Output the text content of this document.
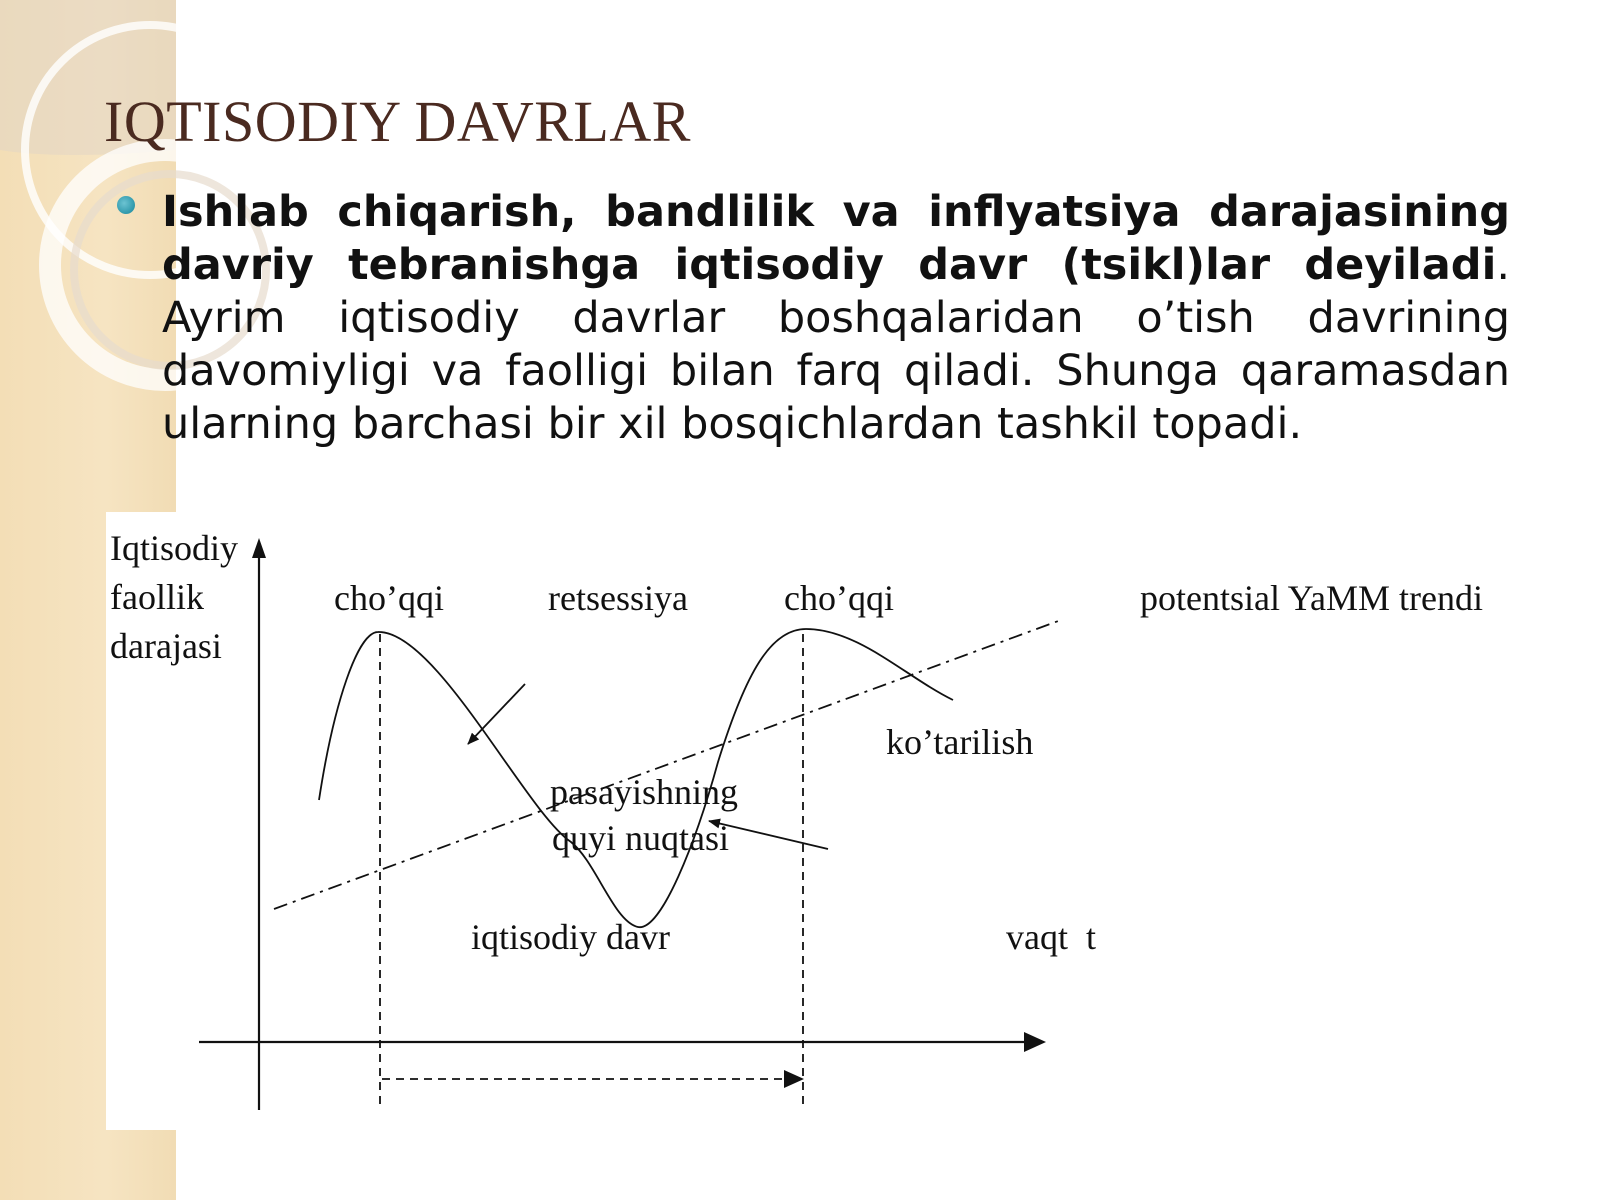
IQTISODIY DAVRLAR

Ishlab chiqarish, bandlilik va inflyatsiya darajasining davriy tebranishga iqtisodiy davr (tsikl)lar deyiladi. Ayrim iqtisodiy davrlar boshqalaridan o’tish davrining davomiyligi va faolligi bilan farq qiladi. Shunga qaramasdan ularning barchasi bir xil bosqichlardan tashkil topadi.

Iqtisodiy
faollik
darajasi
cho’qqi	retsessiya	cho’qqi	potentsial YaMM trendi
ko’tarilish
pasayishning
quyi nuqtasi
iqtisodiy davr	vaqt  t
